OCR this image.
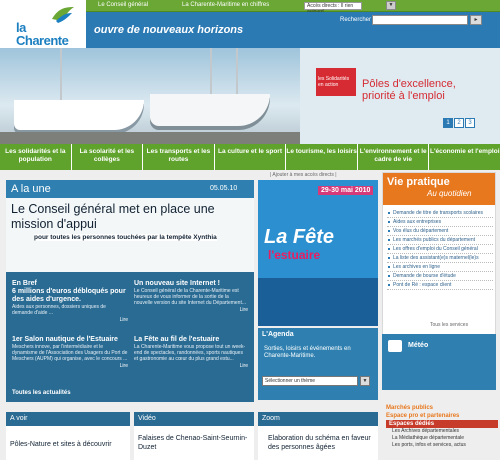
la
Charente
Le Conseil général	La Charente-Maritime en chiffres	Accès directs : Il rien	▼
ouvre de nouveaux horizons
Rechercher	▸
les Solidarités en action	Pôles d'excellence, priorité à l'emploi
1 2 3
Les solidarités et la population
La scolarité et les collèges
Les transports et les routes
La culture et le sport Le tourisme, les loisirs L'environnement et le cadre de vie
L'économie et l'emploi
| Ajouter à mes accès directs |
A la une	05.05.10
Le Conseil général met en place une mission d'appui
pour toutes les personnes touchées par la tempête Xynthia
En Bref
6 millions d'euros débloqués pour des aides d'urgence.
Aides aux personnes, dossiers uniques de demande d'aide ...
Lire
Un nouveau site Internet !
Le Conseil général de la Charente-Maritime est heureux de vous informer de la sortie de la nouvelle version du site Internet du Département...
Lire
1er Salon nautique de l'Estuaire
Meschers innove, par l'intermédiaire et le dynamisme de l'Association des Usagers du Port de Meschers (AUPM) qui organise, avec le concours ...
Lire
La Fête au fil de l'estuaire
La Charente-Maritime vous propose tout un week-end de spectacles, randonnées, sports nautiques et gastronomie au cœur du plus grand estu...
Lire
Toutes les actualités
29-30 mai 2010
La Fête
l'estuaire
L'Agenda
Sorties, loisirs et événements en Charente-Maritime.
Sélectionner un thème	▼
Vie pratique
Au quotidien
Demande de titre de transports scolaires
Aides aux entreprises
Vos élus du département
Les marchés publics du département
Les offres d'emploi du Conseil général
La liste des assistant(e)s maternel(le)s
Les archives en ligne
Demande de bourse d'étude
Pont de Ré : espace client
Tous les services
Météo
A voir
Pôles-Nature et sites à découvrir
Vidéo
Falaises de Chenao-Saint-Seurnin-Duzet
Zoom
Elaboration du schéma en faveur des personnes âgées
Marchés publics
Espace pro et partenaires
Espaces dédiés
Les Archives départementales
La Médiathèque départementale
Les ports, infos et services, actus
